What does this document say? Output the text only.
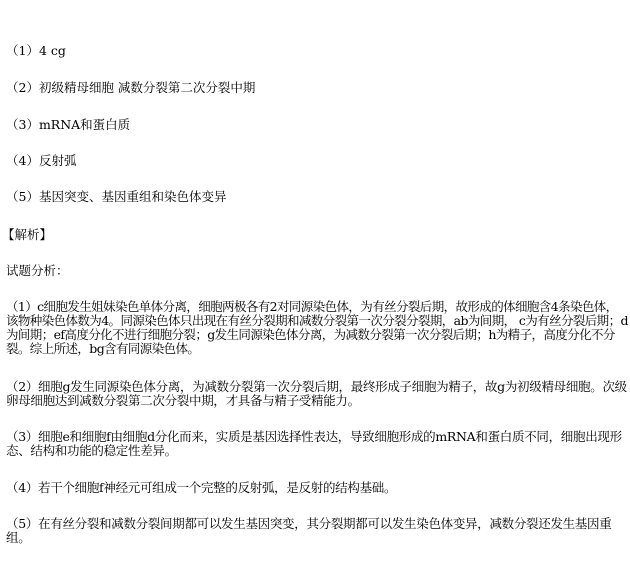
（1）4 cg
（2）初级精母细胞 减数分裂第二次分裂中期
（3）mRNA和蛋白质
（4）反射弧
（5）基因突变、基因重组和染色体变异
【解析】
试题分析：
（1）c细胞发生姐妹染色单体分离，细胞两极各有2对同源染色体，为有丝分裂后期，故形成的体细胞含4条染色体，该物种染色体数为4。同源染色体只出现在有丝分裂期和减数分裂第一次分裂分裂期，ab为间期， c为有丝分裂后期；d为间期；ef高度分化不进行细胞分裂；g发生同源染色体分离，为减数分裂第一次分裂后期；h为精子，高度分化不分裂。综上所述，bg含有同源染色体。
（2）细胞g发生同源染色体分离，为减数分裂第一次分裂后期，最终形成子细胞为精子，故g为初级精母细胞。次级卵母细胞达到减数分裂第二次分裂中期，才具备与精子受精能力。
（3）细胞e和细胞f由细胞d分化而来，实质是基因选择性表达，导致细胞形成的mRNA和蛋白质不同，细胞出现形态、结构和功能的稳定性差异。
（4）若干个细胞f神经元可组成一个完整的反射弧，是反射的结构基础。
（5）在有丝分裂和减数分裂间期都可以发生基因突变，其分裂期都可以发生染色体变异，减数分裂还发生基因重组。
